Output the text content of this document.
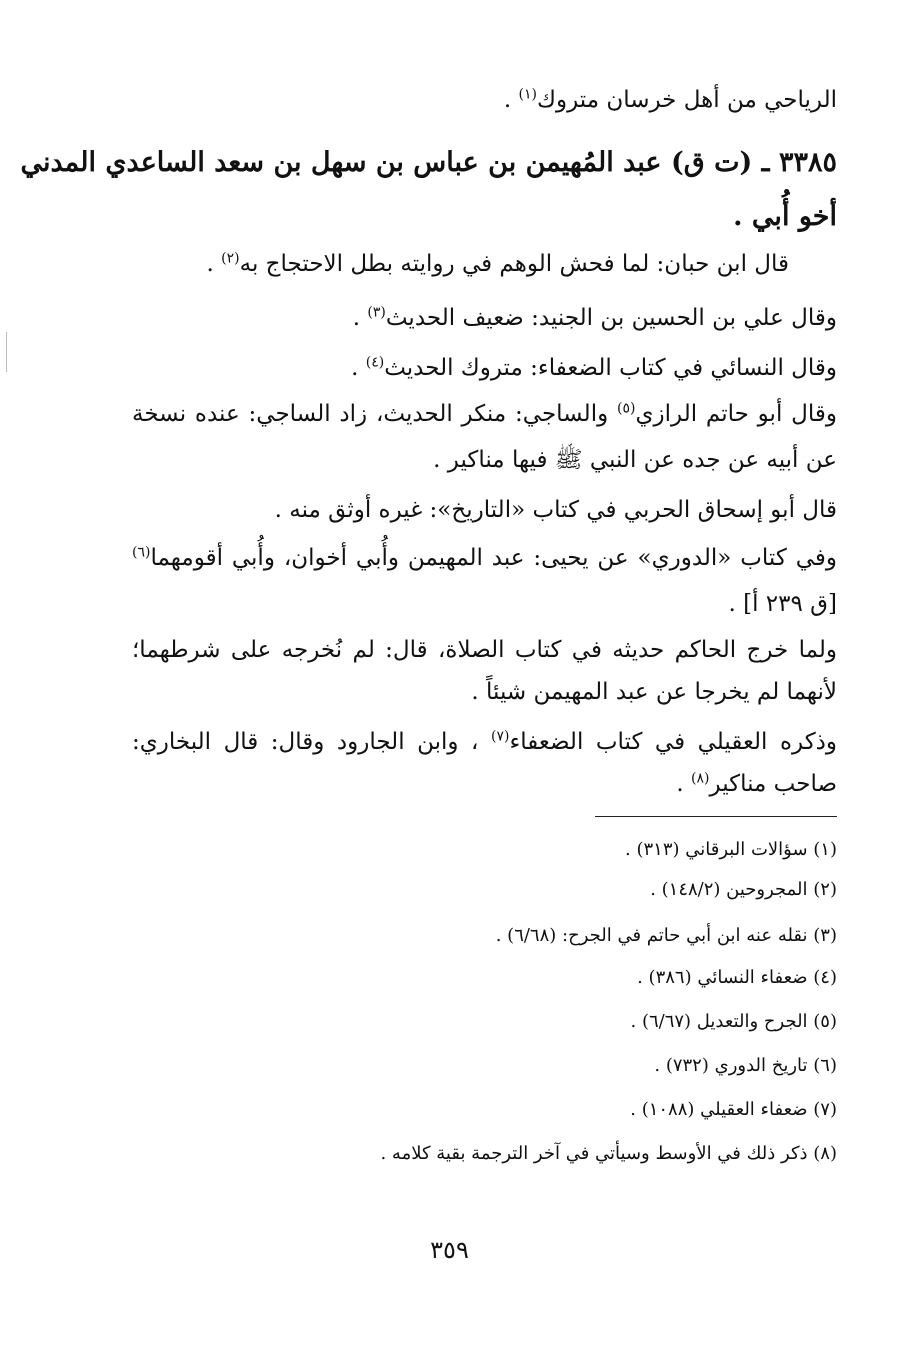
الرياحي من أهل خرسان متروك$^{(١)}$ .
٣٣٨٥ ـ (ت ق) عبد المُهيمن بن عباس بن سهل بن سعد الساعدي المدني
أخو أُبي .
قال ابن حبان: لما فحش الوهم في روايته بطل الاحتجاج به$^{(٢)}$ .
وقال علي بن الحسين بن الجنيد: ضعيف الحديث$^{(٣)}$ .
وقال النسائي في كتاب الضعفاء: متروك الحديث$^{(٤)}$ .
وقال أبو حاتم الرازي$^{(٥)}$ والساجي: منكر الحديث، زاد الساجي: عنده نسخة
عن أبيه عن جده عن النبي ﷺ فيها مناكير .
قال أبو إسحاق الحربي في كتاب «التاريخ»: غيره أوثق منه .
وفي كتاب «الدوري» عن يحيى: عبد المهيمن وأُبي أخوان، وأُبي أقومهما$^{(٦)}$
[ق ٢٣٩ أ] .
ولما خرج الحاكم حديثه في كتاب الصلاة، قال: لم نُخرجه على شرطهما؛
لأنهما لم يخرجا عن عبد المهيمن شيئاً .
وذكره العقيلي في كتاب الضعفاء$^{(٧)}$ ، وابن الجارود وقال: قال البخاري:
صاحب مناكير$^{(٨)}$ .
(١) سؤالات البرقاني (٣١٣) .
(٢) المجروحين (١٤٨/٢) .
(٣) نقله عنه ابن أبي حاتم في الجرح: (٦/٦٨) .
(٤) ضعفاء النسائي (٣٨٦) .
(٥) الجرح والتعديل (٦/٦٧) .
(٦) تاريخ الدوري (٧٣٢) .
(٧) ضعفاء العقيلي (١٠٨٨) .
(٨) ذكر ذلك في الأوسط وسيأتي في آخر الترجمة بقية كلامه .
٣٥٩
